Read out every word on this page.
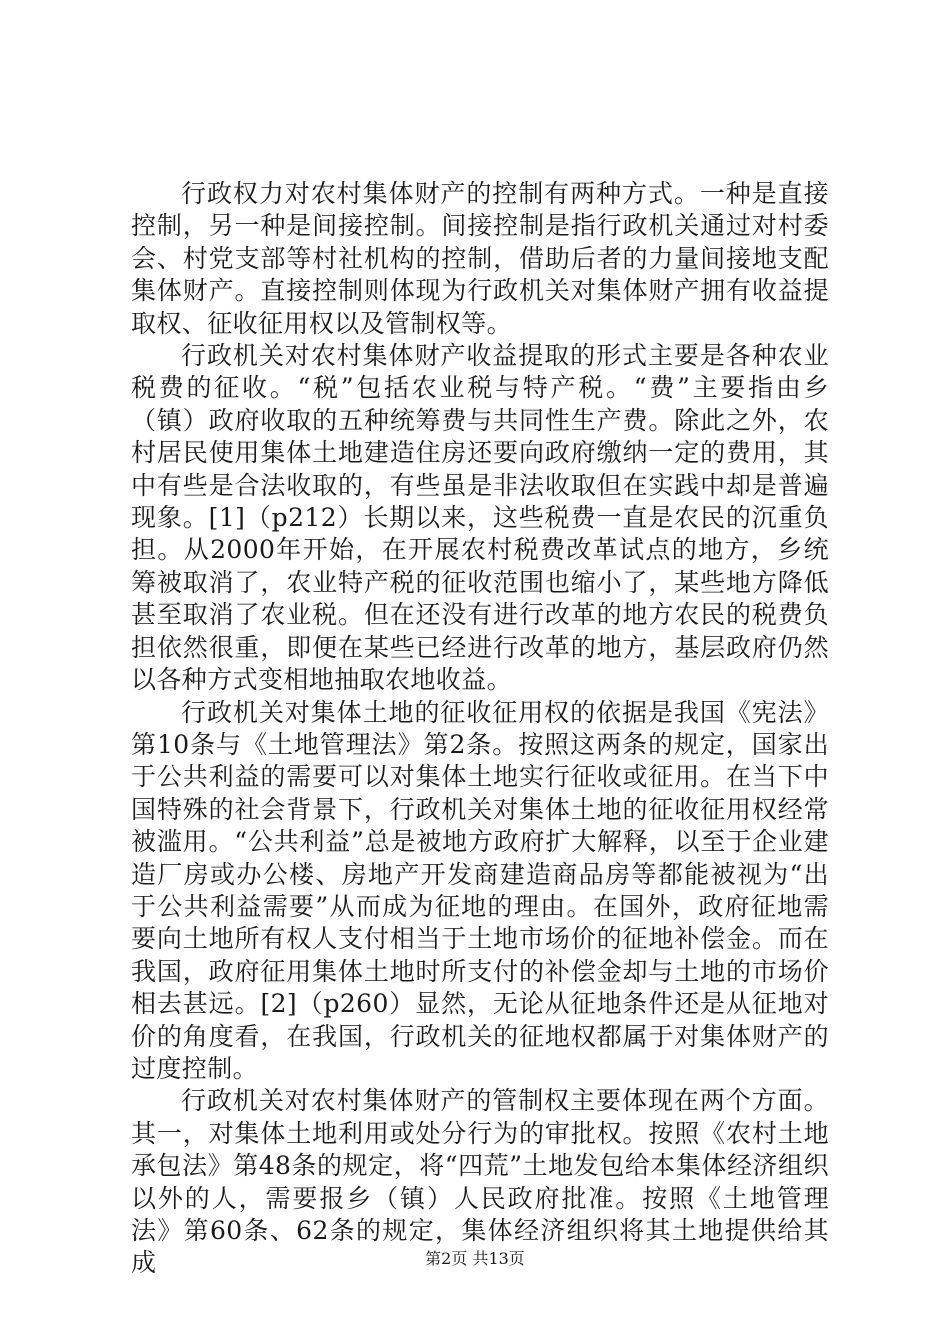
行政权力对农村集体财产的控制有两种方式。一种是直接控制，另一种是间接控制。间接控制是指行政机关通过对村委会、村党支部等村社机构的控制，借助后者的力量间接地支配集体财产。直接控制则体现为行政机关对集体财产拥有收益提取权、征收征用权以及管制权等。

行政机关对农村集体财产收益提取的形式主要是各种农业税费的征收。“税”包括农业税与特产税。“费”主要指由乡（镇）政府收取的五种统筹费与共同性生产费。除此之外，农村居民使用集体土地建造住房还要向政府缴纳一定的费用，其中有些是合法收取的，有些虽是非法收取但在实践中却是普遍现象。[1]（p212）长期以来，这些税费一直是农民的沉重负担。从2000年开始，在开展农村税费改革试点的地方，乡统筹被取消了，农业特产税的征收范围也缩小了，某些地方降低甚至取消了农业税。但在还没有进行改革的地方农民的税费负担依然很重，即便在某些已经进行改革的地方，基层政府仍然以各种方式变相地抽取农地收益。

行政机关对集体土地的征收征用权的依据是我国《宪法》第10条与《土地管理法》第2条。按照这两条的规定，国家出于公共利益的需要可以对集体土地实行征收或征用。在当下中国特殊的社会背景下，行政机关对集体土地的征收征用权经常被滥用。“公共利益”总是被地方政府扩大解释，以至于企业建造厂房或办公楼、房地产开发商建造商品房等都能被视为“出于公共利益需要”从而成为征地的理由。在国外，政府征地需要向土地所有权人支付相当于土地市场价的征地补偿金。而在我国，政府征用集体土地时所支付的补偿金却与土地的市场价相去甚远。[2]（p260）显然，无论从征地条件还是从征地对价的角度看，在我国，行政机关的征地权都属于对集体财产的过度控制。

行政机关对农村集体财产的管制权主要体现在两个方面。其一，对集体土地利用或处分行为的审批权。按照《农村土地承包法》第48条的规定，将“四荒”土地发包给本集体经济组织以外的人，需要报乡（镇）人民政府批准。按照《土地管理法》第60条、62条的规定，集体经济组织将其土地提供给其成	第2页 共13页
